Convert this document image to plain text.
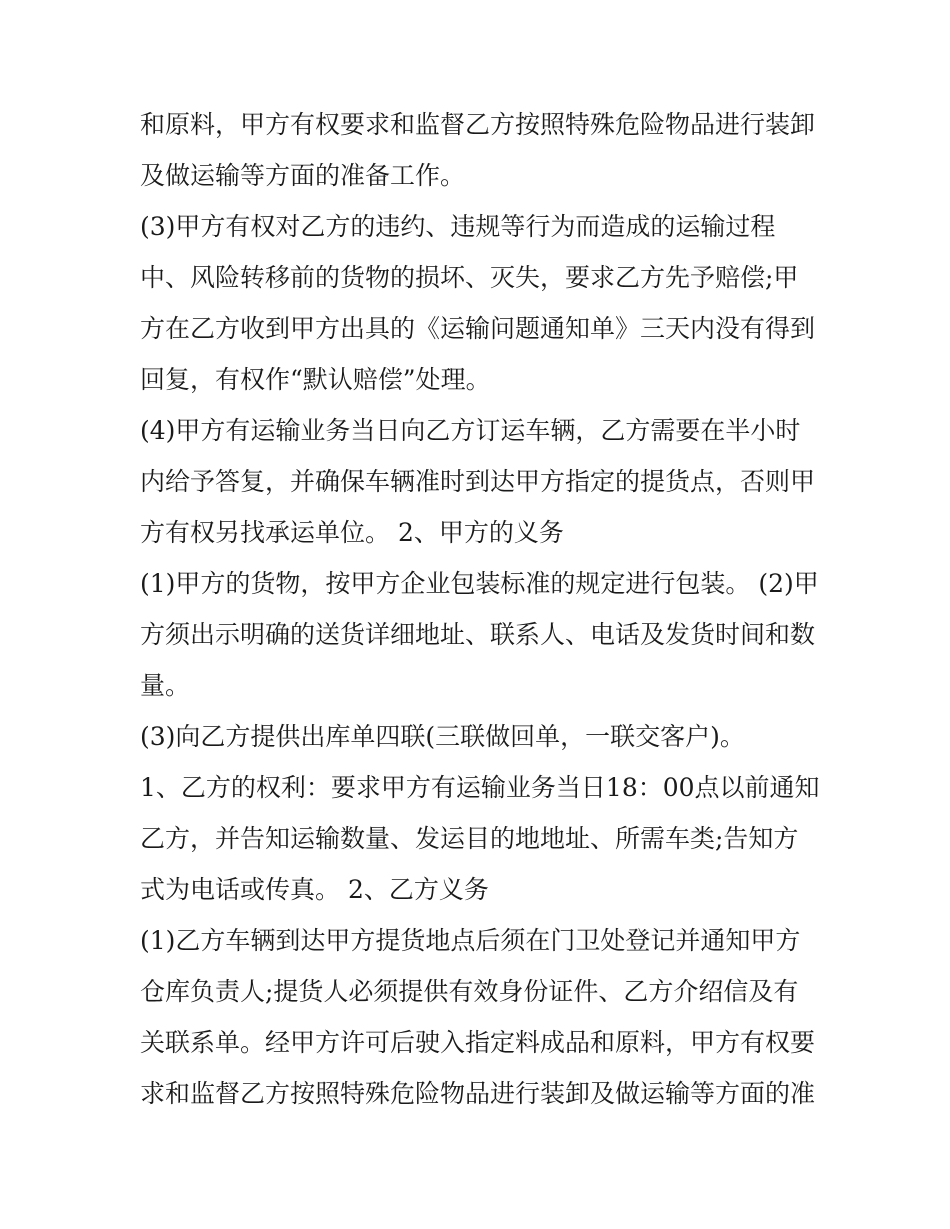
和原料，甲方有权要求和监督乙方按照特殊危险物品进行装卸
及做运输等方面的准备工作。
(3)甲方有权对乙方的违约、违规等行为而造成的运输过程
中、风险转移前的货物的损坏、灭失，要求乙方先予赔偿;甲
方在乙方收到甲方出具的《运输问题通知单》三天内没有得到
回复，有权作“默认赔偿”处理。
(4)甲方有运输业务当日向乙方订运车辆，乙方需要在半小时
内给予答复，并确保车辆准时到达甲方指定的提货点，否则甲
方有权另找承运单位。 2、甲方的义务
(1)甲方的货物，按甲方企业包装标准的规定进行包装。 (2)甲
方须出示明确的送货详细地址、联系人、电话及发货时间和数
量。
(3)向乙方提供出库单四联(三联做回单，一联交客户)。
1、乙方的权利：要求甲方有运输业务当日18：00点以前通知
乙方，并告知运输数量、发运目的地地址、所需车类;告知方
式为电话或传真。 2、乙方义务
(1)乙方车辆到达甲方提货地点后须在门卫处登记并通知甲方
仓库负责人;提货人必须提供有效身份证件、乙方介绍信及有
关联系单。经甲方许可后驶入指定料成品和原料，甲方有权要
求和监督乙方按照特殊危险物品进行装卸及做运输等方面的准
